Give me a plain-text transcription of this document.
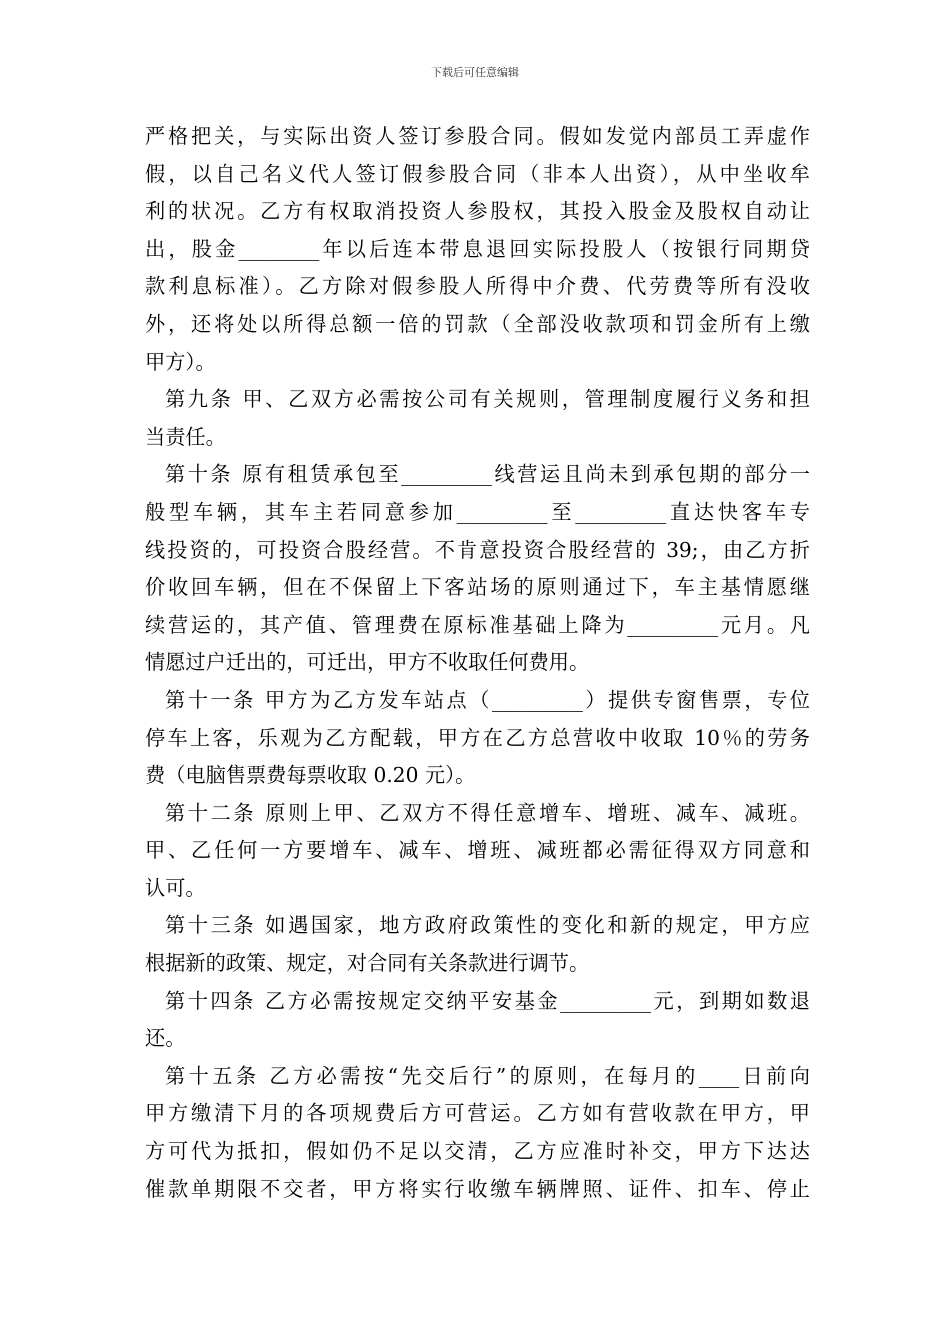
下载后可任意编辑
严格把关，与实际出资人签订参股合同。假如发觉内部员工弄虚作
假，以自己名义代人签订假参股合同（非本人出资），从中坐收牟
利的状况。乙方有权取消投资人参股权，其投入股金及股权自动让
出，股金________年以后连本带息退回实际投股人（按银行同期贷
款利息标准）。乙方除对假参股人所得中介费、代劳费等所有没收
外，还将处以所得总额一倍的罚款（全部没收款项和罚金所有上缴
甲方）。
第九条 甲、乙双方必需按公司有关规则，管理制度履行义务和担
当责任。
第十条 原有租赁承包至_________线营运且尚未到承包期的部分一
般型车辆，其车主若同意参加_________至_________直达快客车专
线投资的，可投资合股经营。不肯意投资合股经营的 39;，由乙方折
价收回车辆，但在不保留上下客站场的原则通过下，车主基情愿继
续营运的，其产值、管理费在原标准基础上降为_________元月。凡
情愿过户迁出的，可迁出，甲方不收取任何费用。
第十一条 甲方为乙方发车站点（_________）提供专窗售票，专位
停车上客，乐观为乙方配载，甲方在乙方总营收中收取 10％的劳务
费（电脑售票费每票收取 0.20 元）。
第十二条 原则上甲、乙双方不得任意增车、增班、减车、减班。
甲、乙任何一方要增车、减车、增班、减班都必需征得双方同意和
认可。
第十三条 如遇国家，地方政府政策性的变化和新的规定，甲方应
根据新的政策、规定，对合同有关条款进行调节。
第十四条 乙方必需按规定交纳平安基金_________元，到期如数退
还。
第十五条 乙方必需按“先交后行”的原则，在每月的____日前向
甲方缴清下月的各项规费后方可营运。乙方如有营收款在甲方，甲
方可代为抵扣，假如仍不足以交清，乙方应准时补交，甲方下达达
催款单期限不交者，甲方将实行收缴车辆牌照、证件、扣车、停止
